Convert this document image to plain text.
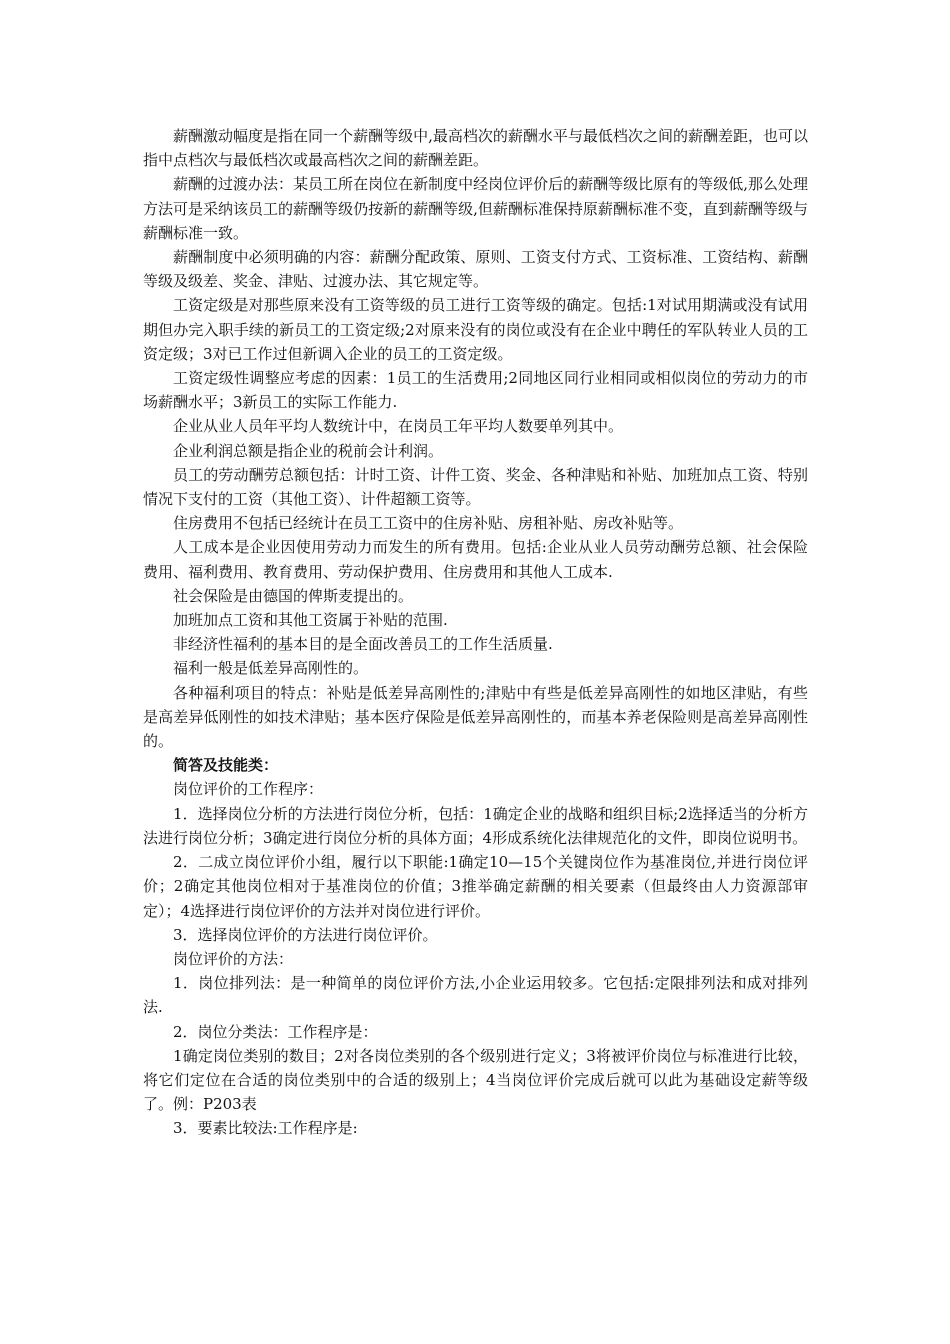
薪酬激动幅度是指在同一个薪酬等级中,最高档次的薪酬水平与最低档次之间的薪酬差距，也可以指中点档次与最低档次或最高档次之间的薪酬差距。

薪酬的过渡办法：某员工所在岗位在新制度中经岗位评价后的薪酬等级比原有的等级低,那么处理方法可是采纳该员工的薪酬等级仍按新的薪酬等级,但薪酬标准保持原薪酬标准不变，直到薪酬等级与薪酬标准一致。

薪酬制度中必须明确的内容：薪酬分配政策、原则、工资支付方式、工资标准、工资结构、薪酬等级及级差、奖金、津贴、过渡办法、其它规定等。

工资定级是对那些原来没有工资等级的员工进行工资等级的确定。包括:1对试用期满或没有试用期但办完入职手续的新员工的工资定级;2对原来没有的岗位或没有在企业中聘任的军队转业人员的工资定级；3对已工作过但新调入企业的员工的工资定级。

工资定级性调整应考虑的因素：1员工的生活费用;2同地区同行业相同或相似岗位的劳动力的市场薪酬水平；3新员工的实际工作能力.

企业从业人员年平均人数统计中，在岗员工年平均人数要单列其中。

企业利润总额是指企业的税前会计利润。

员工的劳动酬劳总额包括：计时工资、计件工资、奖金、各种津贴和补贴、加班加点工资、特别情况下支付的工资（其他工资）、计件超额工资等。

住房费用不包括已经统计在员工工资中的住房补贴、房租补贴、房改补贴等。

人工成本是企业因使用劳动力而发生的所有费用。包括:企业从业人员劳动酬劳总额、社会保险费用、福利费用、教育费用、劳动保护费用、住房费用和其他人工成本.

社会保险是由德国的俾斯麦提出的。

加班加点工资和其他工资属于补贴的范围.

非经济性福利的基本目的是全面改善员工的工作生活质量.

福利一般是低差异高刚性的。

各种福利项目的特点：补贴是低差异高刚性的;津贴中有些是低差异高刚性的如地区津贴，有些是高差异低刚性的如技术津贴；基本医疗保险是低差异高刚性的，而基本养老保险则是高差异高刚性的。

简答及技能类：

岗位评价的工作程序：

1．选择岗位分析的方法进行岗位分析，包括：1确定企业的战略和组织目标;2选择适当的分析方法进行岗位分析；3确定进行岗位分析的具体方面；4形成系统化法律规范化的文件，即岗位说明书。

2．二成立岗位评价小组，履行以下职能:1确定10—15个关键岗位作为基准岗位,并进行岗位评价；2确定其他岗位相对于基准岗位的价值；3推举确定薪酬的相关要素（但最终由人力资源部审定）；4选择进行岗位评价的方法并对岗位进行评价。

3．选择岗位评价的方法进行岗位评价。

岗位评价的方法：

1．岗位排列法：是一种简单的岗位评价方法,小企业运用较多。它包括:定限排列法和成对排列法.

2．岗位分类法：工作程序是：

1确定岗位类别的数目；2对各岗位类别的各个级别进行定义；3将被评价岗位与标准进行比较，将它们定位在合适的岗位类别中的合适的级别上；4当岗位评价完成后就可以此为基础设定薪等级了。例：P203表

3．要素比较法:工作程序是:
